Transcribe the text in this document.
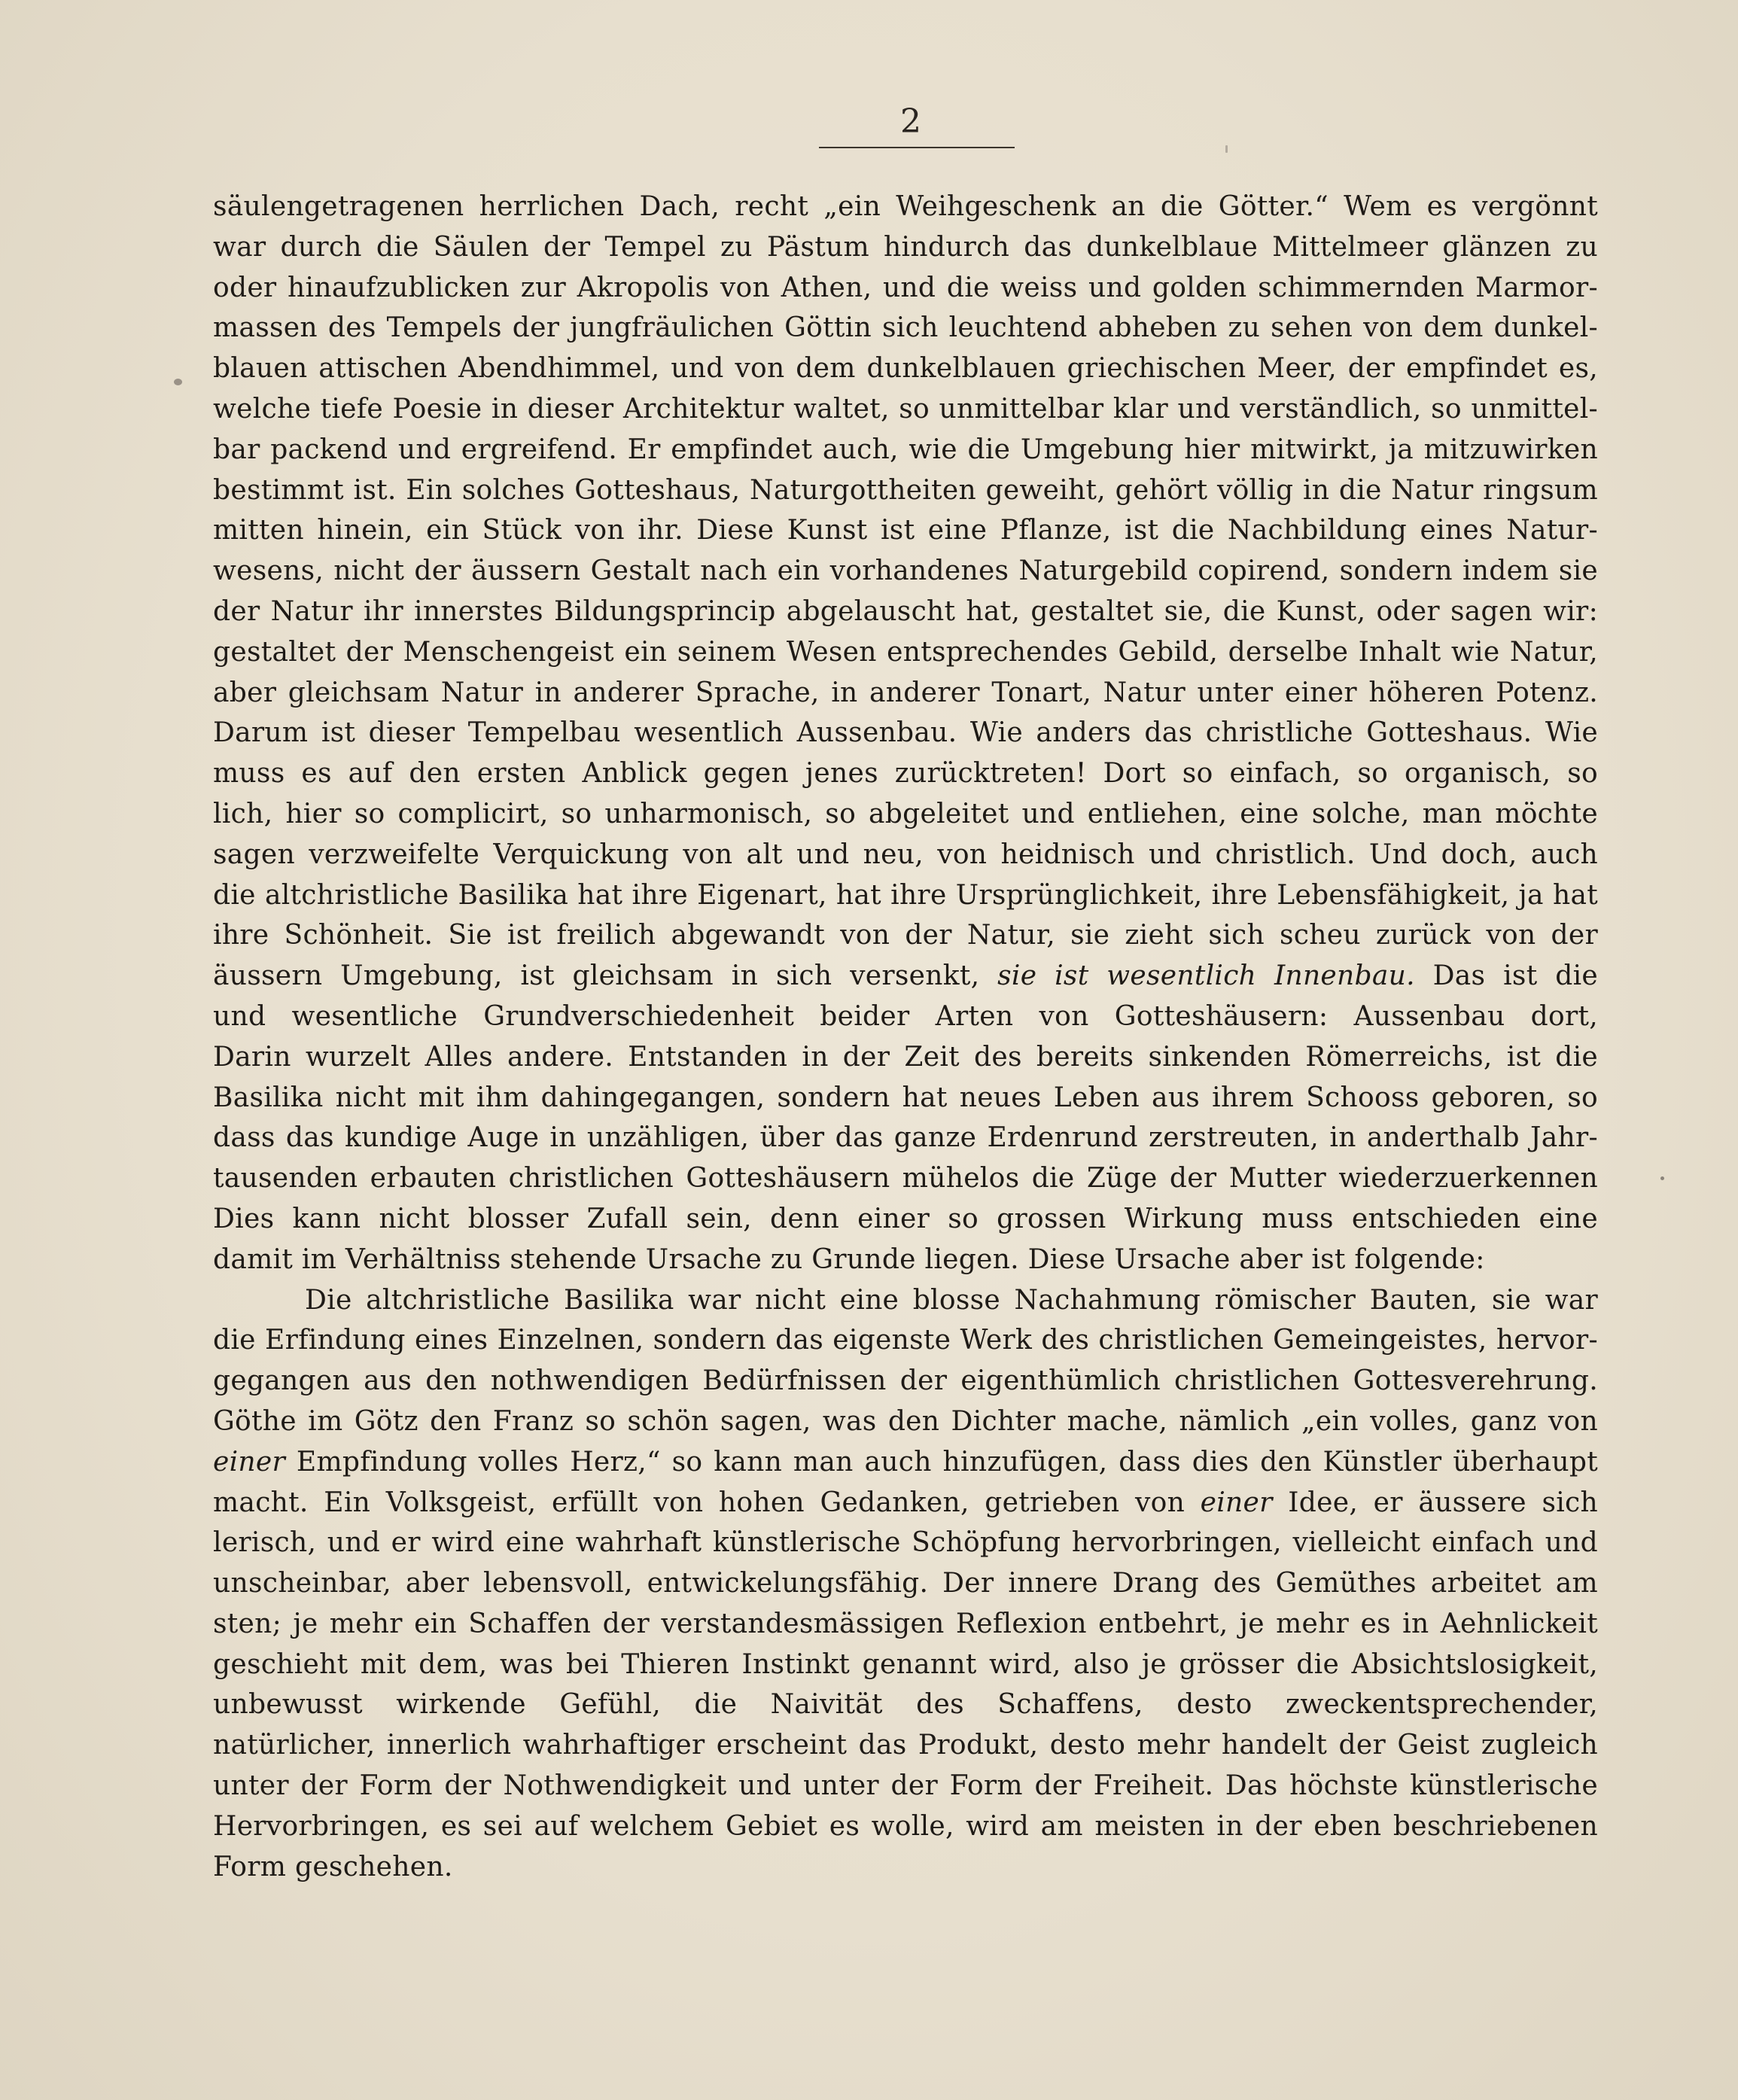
2
säulengetragenen herrlichen Dach, recht „ein Weihgeschenk an die Götter.“ Wem es vergönnt
war durch die Säulen der Tempel zu Pästum hindurch das dunkelblaue Mittelmeer glänzen zu
oder hinaufzublicken zur Akropolis von Athen, und die weiss und golden schimmernden Marmor-
massen des Tempels der jungfräulichen Göttin sich leuchtend abheben zu sehen von dem dunkel-
blauen attischen Abendhimmel, und von dem dunkelblauen griechischen Meer, der empfindet es,
welche tiefe Poesie in dieser Architektur waltet, so unmittelbar klar und verständlich, so unmittel-
bar packend und ergreifend. Er empfindet auch, wie die Umgebung hier mitwirkt, ja mitzuwirken
bestimmt ist. Ein solches Gotteshaus, Naturgottheiten geweiht, gehört völlig in die Natur ringsum
mitten hinein, ein Stück von ihr. Diese Kunst ist eine Pflanze, ist die Nachbildung eines Natur-
wesens, nicht der äussern Gestalt nach ein vorhandenes Naturgebild copirend, sondern indem sie
der Natur ihr innerstes Bildungsprincip abgelauscht hat, gestaltet sie, die Kunst, oder sagen wir:
gestaltet der Menschengeist ein seinem Wesen entsprechendes Gebild, derselbe Inhalt wie Natur,
aber gleichsam Natur in anderer Sprache, in anderer Tonart, Natur unter einer höheren Potenz.
Darum ist dieser Tempelbau wesentlich Aussenbau. Wie anders das christliche Gotteshaus. Wie
muss es auf den ersten Anblick gegen jenes zurücktreten! Dort so einfach, so organisch, so
lich, hier so complicirt, so unharmonisch, so abgeleitet und entliehen, eine solche, man möchte
sagen verzweifelte Verquickung von alt und neu, von heidnisch und christlich. Und doch, auch
die altchristliche Basilika hat ihre Eigenart, hat ihre Ursprünglichkeit, ihre Lebensfähigkeit, ja hat
ihre Schönheit. Sie ist freilich abgewandt von der Natur, sie zieht sich scheu zurück von der
äussern Umgebung, ist gleichsam in sich versenkt, sie ist wesentlich Innenbau. Das ist die
und wesentliche Grundverschiedenheit beider Arten von Gotteshäusern: Aussenbau dort,
Darin wurzelt Alles andere. Entstanden in der Zeit des bereits sinkenden Römerreichs, ist die
Basilika nicht mit ihm dahingegangen, sondern hat neues Leben aus ihrem Schooss geboren, so
dass das kundige Auge in unzähligen, über das ganze Erdenrund zerstreuten, in anderthalb Jahr-
tausenden erbauten christlichen Gotteshäusern mühelos die Züge der Mutter wiederzuerkennen
Dies kann nicht blosser Zufall sein, denn einer so grossen Wirkung muss entschieden eine
damit im Verhältniss stehende Ursache zu Grunde liegen. Diese Ursache aber ist folgende:
Die altchristliche Basilika war nicht eine blosse Nachahmung römischer Bauten, sie war
die Erfindung eines Einzelnen, sondern das eigenste Werk des christlichen Gemeingeistes, hervor-
gegangen aus den nothwendigen Bedürfnissen der eigenthümlich christlichen Gottesverehrung.
Göthe im Götz den Franz so schön sagen, was den Dichter mache, nämlich „ein volles, ganz von
einer Empfindung volles Herz,“ so kann man auch hinzufügen, dass dies den Künstler überhaupt
macht. Ein Volksgeist, erfüllt von hohen Gedanken, getrieben von einer Idee, er äussere sich
lerisch, und er wird eine wahrhaft künstlerische Schöpfung hervorbringen, vielleicht einfach und
unscheinbar, aber lebensvoll, entwickelungsfähig. Der innere Drang des Gemüthes arbeitet am
sten; je mehr ein Schaffen der verstandesmässigen Reflexion entbehrt, je mehr es in Aehnlickeit
geschieht mit dem, was bei Thieren Instinkt genannt wird, also je grösser die Absichtslosigkeit,
unbewusst wirkende Gefühl, die Naivität des Schaffens, desto zweckentsprechender,
natürlicher, innerlich wahrhaftiger erscheint das Produkt, desto mehr handelt der Geist zugleich
unter der Form der Nothwendigkeit und unter der Form der Freiheit. Das höchste künstlerische
Hervorbringen, es sei auf welchem Gebiet es wolle, wird am meisten in der eben beschriebenen
Form geschehen.
